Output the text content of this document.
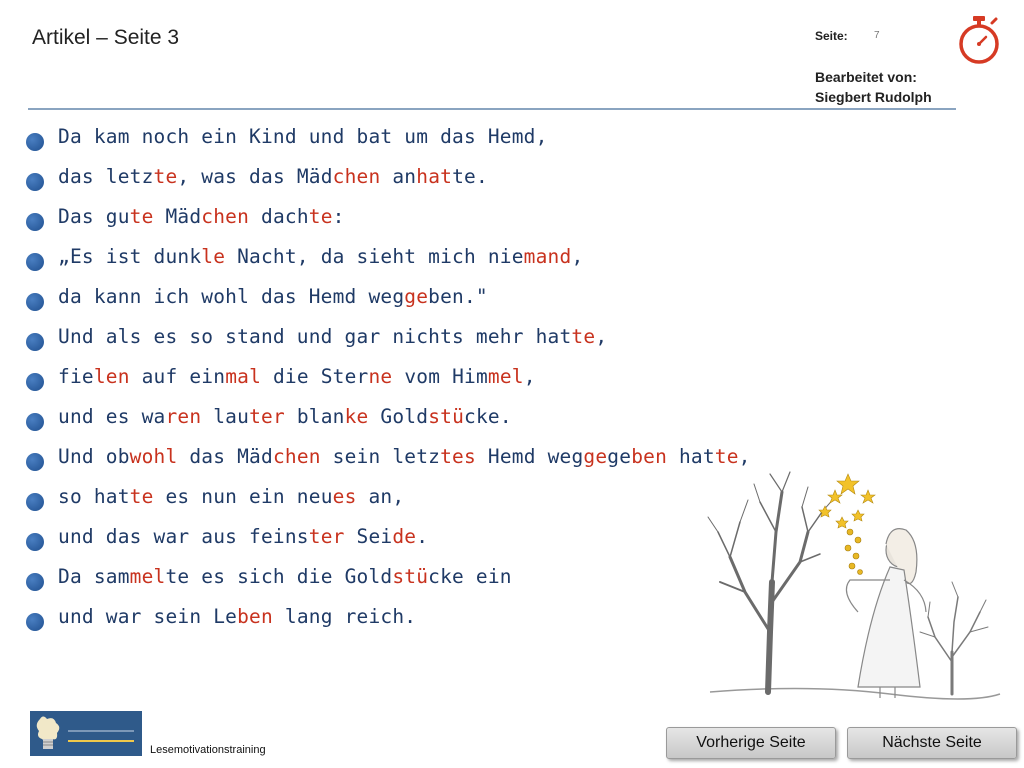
Artikel – Seite 3	Seite:	7
Bearbeitet von:
Siegbert Rudolph
Da kam noch ein Kind und bat um das Hemd,
das letzte, was das Mädchen anhatte.
Das gute Mädchen dachte:
„Es ist dunkle Nacht, da sieht mich niemand,
da kann ich wohl das Hemd weggeben."
Und als es so stand und gar nichts mehr hatte,
fielen auf einmal die Sterne vom Himmel,
und es waren lauter blanke Goldstücke.
Und obwohl das Mädchen sein letztes Hemd weggegeben hatte,
so hatte es nun ein neues an,
und das war aus feinster Seide.
Da sammelte es sich die Goldstücke ein
und war sein Leben lang reich.
Lesemotivationstraining	Vorherige Seite	Nächste Seite
